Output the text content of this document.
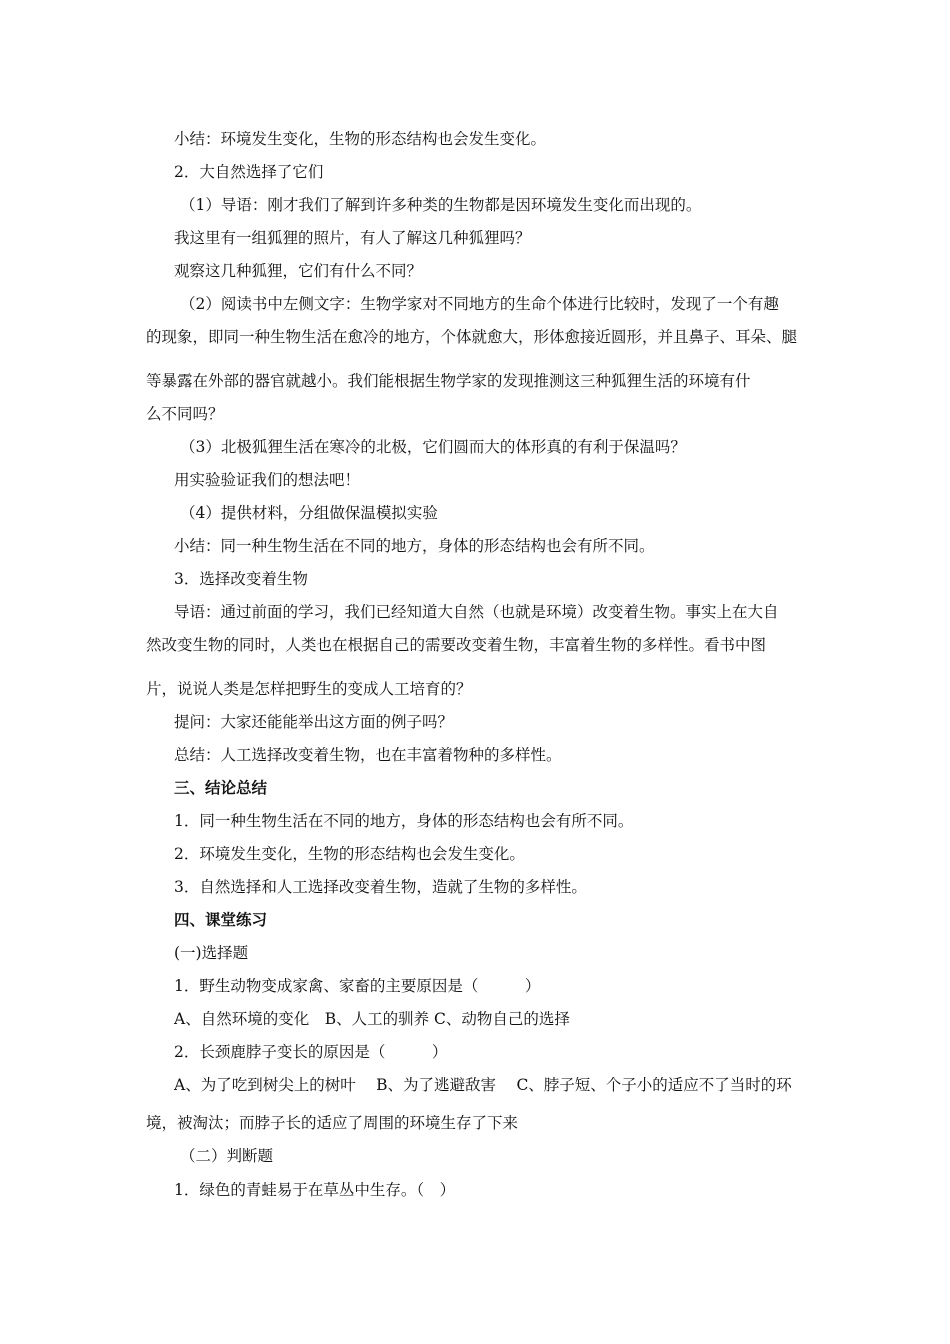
小结：环境发生变化，生物的形态结构也会发生变化。
2．大自然选择了它们
（1）导语：刚才我们了解到许多种类的生物都是因环境发生变化而出现的。
我这里有一组狐狸的照片，有人了解这几种狐狸吗？
观察这几种狐狸，它们有什么不同？
（2）阅读书中左侧文字：生物学家对不同地方的生命个体进行比较时，发现了一个有趣
的现象，即同一种生物生活在愈冷的地方，个体就愈大，形体愈接近圆形，并且鼻子、耳朵、腿
等暴露在外部的器官就越小。我们能根据生物学家的发现推测这三种狐狸生活的环境有什
么不同吗？
（3）北极狐狸生活在寒冷的北极，它们圆而大的体形真的有利于保温吗？
用实验验证我们的想法吧！
（4）提供材料，分组做保温模拟实验
小结：同一种生物生活在不同的地方，身体的形态结构也会有所不同。
3．选择改变着生物
导语：通过前面的学习，我们已经知道大自然（也就是环境）改变着生物。事实上在大自
然改变生物的同时，人类也在根据自己的需要改变着生物，丰富着生物的多样性。看书中图
片，说说人类是怎样把野生的变成人工培育的？
提问：大家还能能举出这方面的例子吗？
总结：人工选择改变着生物，也在丰富着物种的多样性。
三、结论总结
1．同一种生物生活在不同的地方，身体的形态结构也会有所不同。
2．环境发生变化，生物的形态结构也会发生变化。
3．自然选择和人工选择改变着生物，造就了生物的多样性。
四、课堂练习
(一)选择题
1．野生动物变成家禽、家畜的主要原因是（　　　）
A、自然环境的变化　B、人工的驯养 C、动物自己的选择
2．长颈鹿脖子变长的原因是（　　　）
A、为了吃到树尖上的树叶　 B、为了逃避敌害　 C、脖子短、个子小的适应不了当时的环
境，被淘汰；而脖子长的适应了周围的环境生存了下来
（二）判断题
1．绿色的青蛙易于在草丛中生存。（　）
